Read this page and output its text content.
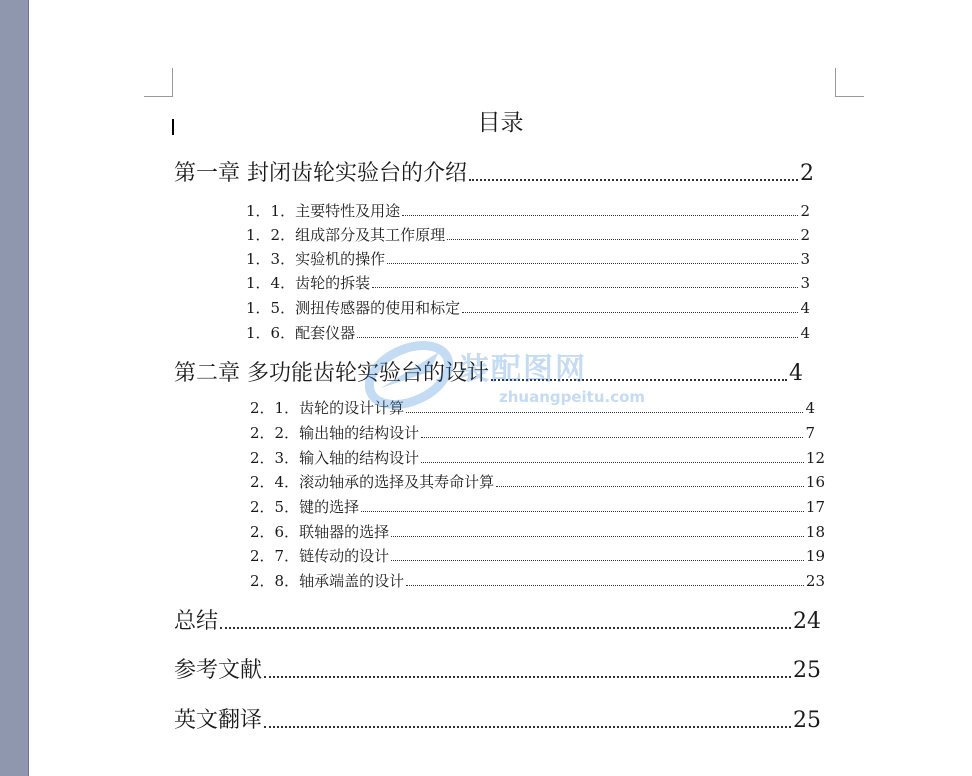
目录
第一章 封闭齿轮实验台的介绍	2
1．1．主要特性及用途	2
1．2．组成部分及其工作原理	2
1．3．实验机的操作	3
1．4．齿轮的拆装	3
1．5．测扭传感器的使用和标定	4
1．6．配套仪器	4
第二章 多功能齿轮实验台的设计	4
2．1．齿轮的设计计算	4
2．2．输出轴的结构设计	7
2．3．输入轴的结构设计	12
2．4．滚动轴承的选择及其寿命计算	16
2．5．键的选择	17
2．6．联轴器的选择	18
2．7．链传动的设计	19
2．8．轴承端盖的设计	23
总结	24
参考文献	25
英文翻译	25
装配图网
zhuangpeitu.com
